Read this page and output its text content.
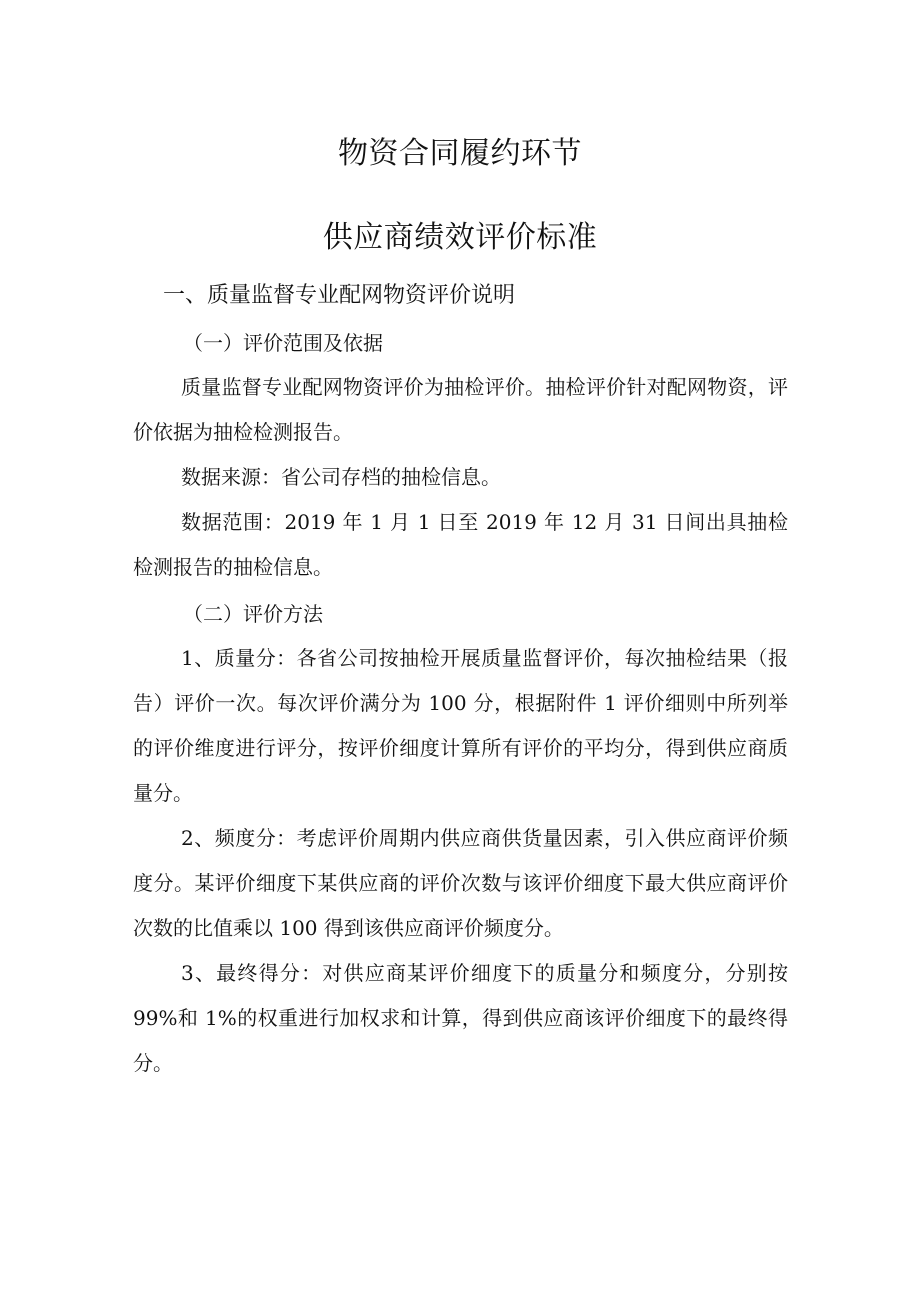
物资合同履约环节
供应商绩效评价标准
一、质量监督专业配网物资评价说明
（一）评价范围及依据

质量监督专业配网物资评价为抽检评价。抽检评价针对配网物资，评价依据为抽检检测报告。

数据来源：省公司存档的抽检信息。

数据范围：2019 年 1 月 1 日至 2019 年 12 月 31 日间出具抽检检测报告的抽检信息。

（二）评价方法

1、质量分：各省公司按抽检开展质量监督评价，每次抽检结果（报告）评价一次。每次评价满分为 100 分，根据附件 1 评价细则中所列举的评价维度进行评分，按评价细度计算所有评价的平均分，得到供应商质量分。

2、频度分：考虑评价周期内供应商供货量因素，引入供应商评价频度分。某评价细度下某供应商的评价次数与该评价细度下最大供应商评价次数的比值乘以 100 得到该供应商评价频度分。

3、最终得分：对供应商某评价细度下的质量分和频度分，分别按 99%和 1%的权重进行加权求和计算，得到供应商该评价细度下的最终得分。
